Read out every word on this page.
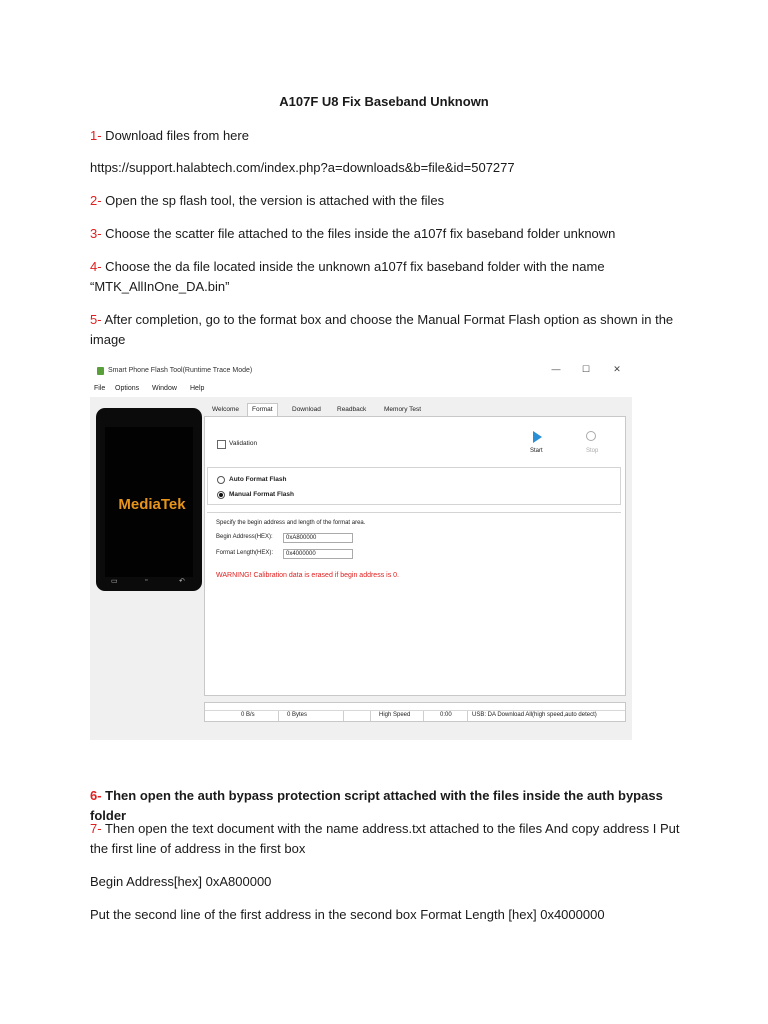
A107F U8 Fix Baseband Unknown
1- Download files from here
https://support.halabtech.com/index.php?a=downloads&b=file&id=507277
2- Open the sp flash tool, the version is attached with the files
3- Choose the scatter file attached to the files inside the a107f fix baseband folder unknown
4- Choose the da file located inside the unknown a107f fix baseband folder with the name “MTK_AllInOne_DA.bin”
5- After completion, go to the format box and choose the Manual Format Flash option as shown in the image
Smart Phone Flash Tool(Runtime Trace Mode)	—	☐	✕
File Options Window Help
MediaTek
▭	▫	↶
Welcome	Format	Download Readback	Memory Test
Validation
Start	Stop
Auto Format Flash
Manual Format Flash
Specify the begin address and length of the format area.
Begin Address(HEX):	0xA800000
Format Length(HEX):	0x4000000
WARNING! Calibration data is erased if begin address is 0.
0 B/s	0 Bytes	High Speed	0:00	USB: DA Download All(high speed,auto detect)
6- Then open the auth bypass protection script attached with the files inside the auth bypass folder
7- Then open the text document with the name address.txt attached to the files And copy address I Put the first line of address in the first box
Begin Address[hex] 0xA800000
Put the second line of the first address in the second box Format Length [hex] 0x4000000
